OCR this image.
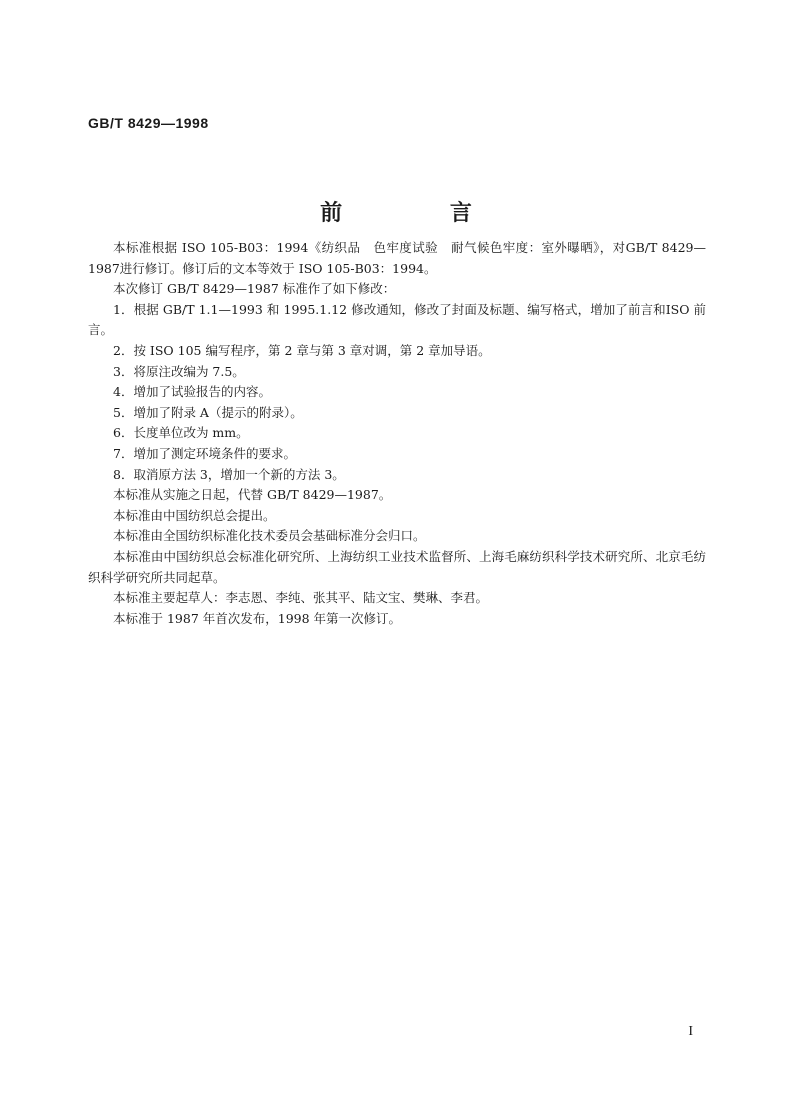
GB/T 8429—1998
前 言

本标准根据 ISO 105-B03：1994《纺织品   色牢度试验   耐气候色牢度：室外曝晒》，对GB/T 8429—1987进行修订。修订后的文本等效于 ISO 105-B03：1994。

本次修订 GB/T 8429—1987 标准作了如下修改：

1．根据 GB/T 1.1—1993 和 1995.1.12 修改通知，修改了封面及标题、编写格式，增加了前言和ISO 前言。

2．按 ISO 105 编写程序，第 2 章与第 3 章对调，第 2 章加导语。

3．将原注改编为 7.5。

4．增加了试验报告的内容。

5．增加了附录 A（提示的附录）。

6．长度单位改为 mm。

7．增加了测定环境条件的要求。

8．取消原方法 3，增加一个新的方法 3。

本标准从实施之日起，代替 GB/T 8429—1987。

本标准由中国纺织总会提出。

本标准由全国纺织标准化技术委员会基础标准分会归口。

本标准由中国纺织总会标准化研究所、上海纺织工业技术监督所、上海毛麻纺织科学技术研究所、北京毛纺织科学研究所共同起草。

本标准主要起草人：李志恩、李纯、张其平、陆文宝、樊琳、李君。

本标准于 1987 年首次发布，1998 年第一次修订。

I
